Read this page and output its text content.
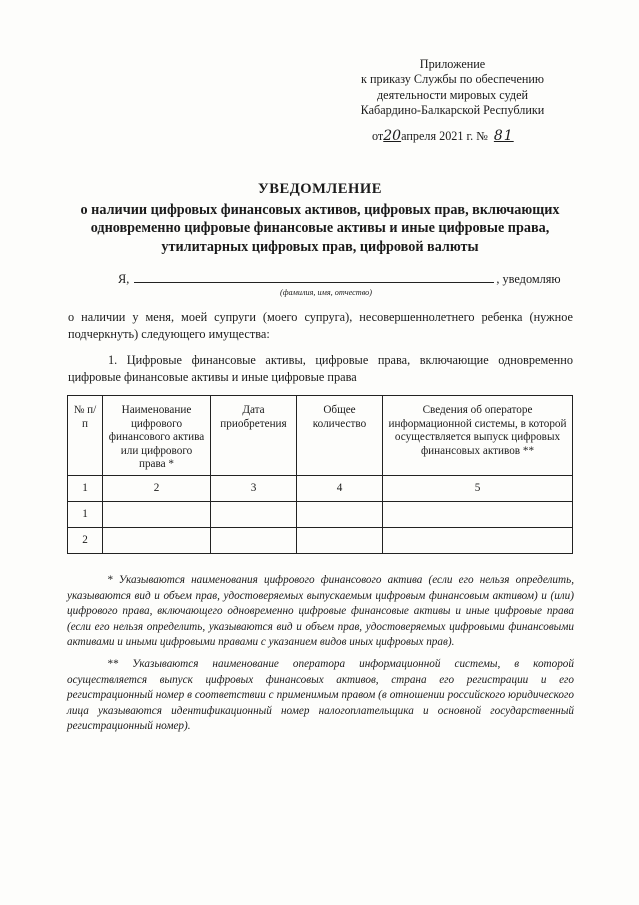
Приложение
к приказу Службы по обеспечению
деятельности мировых судей
Кабардино-Балкарской Республики
от20апреля 2021 г. № 81
УВЕДОМЛЕНИЕ
о наличии цифровых финансовых активов, цифровых прав, включающих одновременно цифровые финансовые активы и иные цифровые права, утилитарных цифровых прав, цифровой валюты
Я,	, уведомляю
(фамилия, имя, отчество)
о наличии у меня, моей супруги (моего супруга), несовершеннолетнего ребенка (нужное подчеркнуть) следующего имущества:
1. Цифровые финансовые активы, цифровые права, включающие одновременно цифровые финансовые активы и иные цифровые права
№ п/п	Наименование цифрового финансового актива или цифрового права *	Дата приобретения	Общее количество	Сведения об операторе информационной системы, в которой осуществляется выпуск цифровых финансовых активов **
1	2	3	4	5
1				
2				
* Указываются наименования цифрового финансового актива (если его нельзя определить, указываются вид и объем прав, удостоверяемых выпускаемым цифровым финансовым активом) и (или) цифрового права, включающего одновременно цифровые финансовые активы и иные цифровые права (если его нельзя определить, указываются вид и объем прав, удостоверяемых цифровыми финансовыми активами и иными цифровыми правами с указанием видов иных цифровых прав).
** Указываются наименование оператора информационной системы, в которой осуществляется выпуск цифровых финансовых активов, страна его регистрации и его регистрационный номер в соответствии с применимым правом (в отношении российского юридического лица указываются идентификационный номер налогоплательщика и основной государственный регистрационный номер).
